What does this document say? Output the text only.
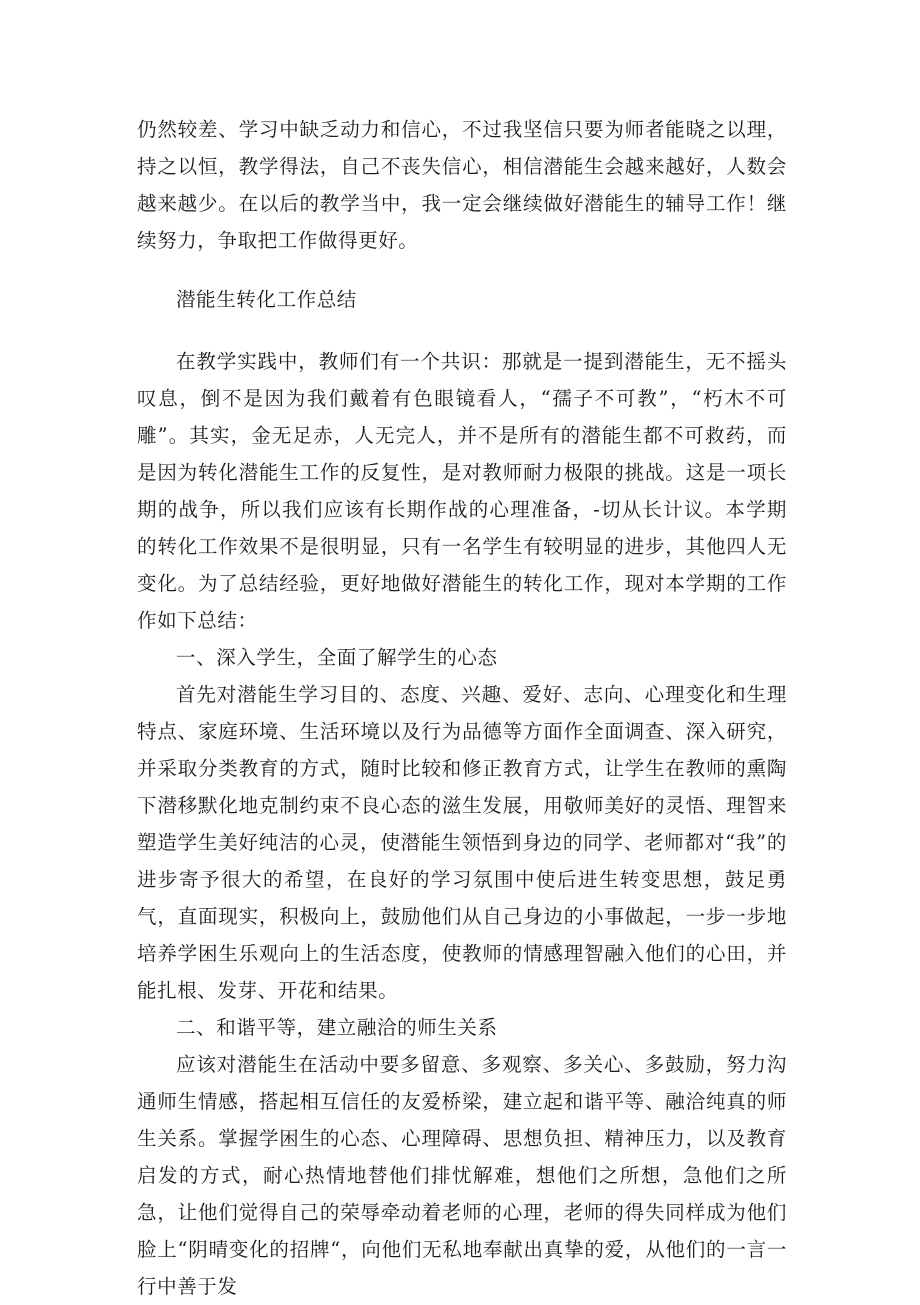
仍然较差、学习中缺乏动力和信心，不过我坚信只要为师者能晓之以理，持之以恒，教学得法，自己不丧失信心，相信潜能生会越来越好，人数会越来越少。在以后的教学当中，我一定会继续做好潜能生的辅导工作！继续努力，争取把工作做得更好。

潜能生转化工作总结

在教学实践中，教师们有一个共识：那就是一提到潜能生，无不摇头叹息，倒不是因为我们戴着有色眼镜看人，“孺子不可教”，“朽木不可雕”。其实，金无足赤，人无完人，并不是所有的潜能生都不可救药，而是因为转化潜能生工作的反复性，是对教师耐力极限的挑战。这是一项长期的战争，所以我们应该有长期作战的心理准备，-切从长计议。本学期的转化工作效果不是很明显，只有一名学生有较明显的进步，其他四人无变化。为了总结经验，更好地做好潜能生的转化工作，现对本学期的工作作如下总结：

一、深入学生，全面了解学生的心态

首先对潜能生学习目的、态度、兴趣、爱好、志向、心理变化和生理特点、家庭环境、生活环境以及行为品德等方面作全面调查、深入研究，并采取分类教育的方式，随时比较和修正教育方式，让学生在教师的熏陶下潜移默化地克制约束不良心态的滋生发展，用敬师美好的灵悟、理智来塑造学生美好纯洁的心灵，使潜能生领悟到身边的同学、老师都对“我”的进步寄予很大的希望，在良好的学习氛围中使后进生转变思想，鼓足勇气，直面现实，积极向上，鼓励他们从自己身边的小事做起，一步一步地培养学困生乐观向上的生活态度，使教师的情感理智融入他们的心田，并能扎根、发芽、开花和结果。

二、和谐平等，建立融洽的师生关系

应该对潜能生在活动中要多留意、多观察、多关心、多鼓励，努力沟通师生情感，搭起相互信任的友爱桥梁，建立起和谐平等、融洽纯真的师生关系。掌握学困生的心态、心理障碍、思想负担、精神压力，以及教育启发的方式，耐心热情地替他们排忧解难，想他们之所想，急他们之所急，让他们觉得自己的荣辱牵动着老师的心理，老师的得失同样成为他们脸上“阴晴变化的招牌“，向他们无私地奉献出真挚的爱，从他们的一言一行中善于发
